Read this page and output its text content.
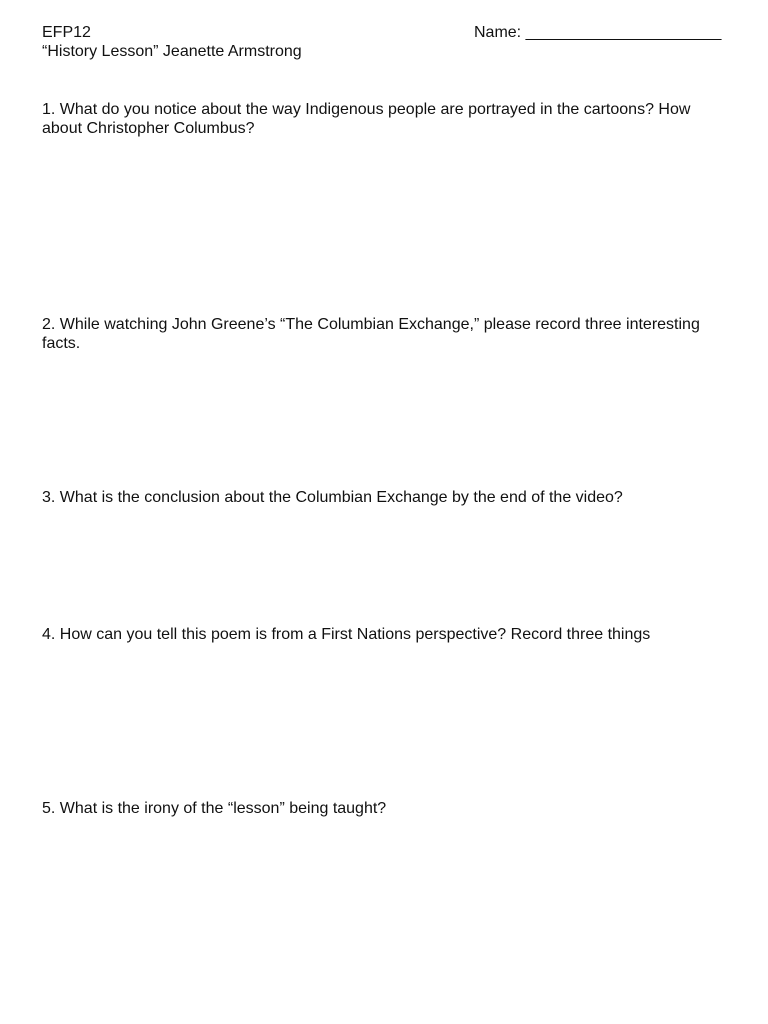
EFP12
“History Lesson” Jeanette Armstrong
Name: ______________________

1. What do you notice about the way Indigenous people are portrayed in the cartoons? How about Christopher Columbus?

2. While watching John Greene’s “The Columbian Exchange,” please record three interesting facts.

3. What is the conclusion about the Columbian Exchange by the end of the video?

4. How can you tell this poem is from a First Nations perspective? Record three things

5. What is the irony of the “lesson” being taught?
